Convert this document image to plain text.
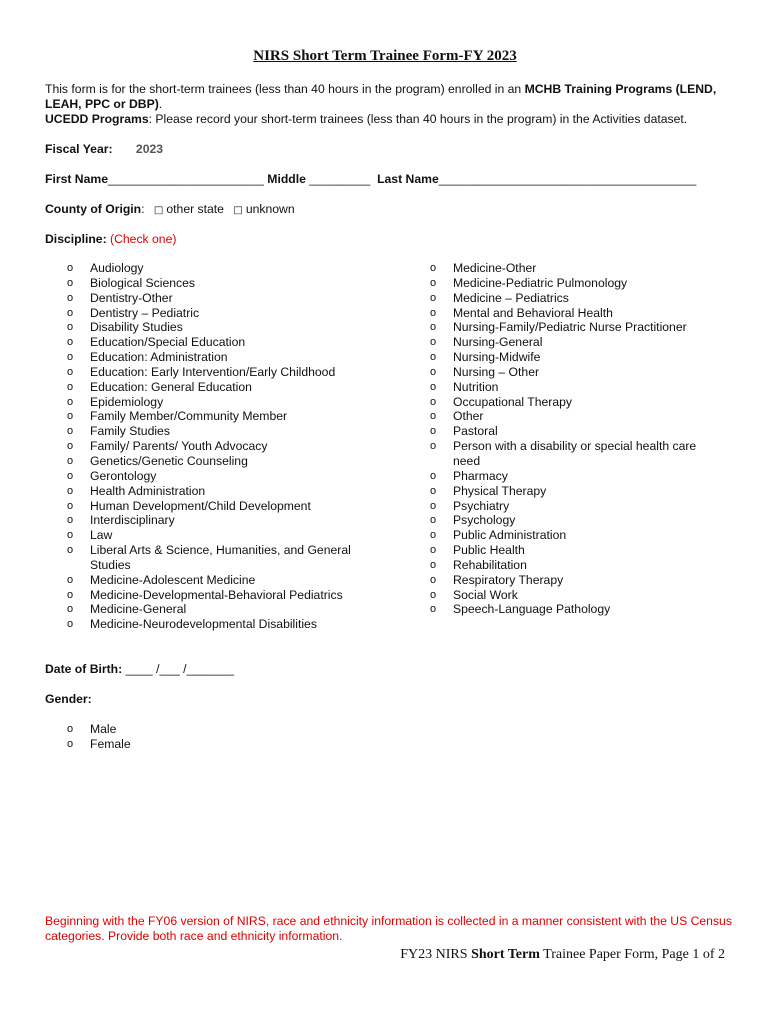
NIRS Short Term Trainee Form-FY 2023
This form is for the short-term trainees (less than 40 hours in the program) enrolled in an MCHB Training Programs (LEND, LEAH, PPC or DBP).
UCEDD Programs: Please record your short-term trainees (less than 40 hours in the program) in the Activities dataset.
Fiscal Year: 2023
First Name_______________________ Middle _________ Last Name______________________________________
County of Origin: □ other state □ unknown
Discipline: (Check one)
o Audiology
o Biological Sciences
o Dentistry-Other
o Dentistry – Pediatric
o Disability Studies
o Education/Special Education
o Education: Administration
o Education: Early Intervention/Early Childhood
o Education: General Education
o Epidemiology
o Family Member/Community Member
o Family Studies
o Family/ Parents/ Youth Advocacy
o Genetics/Genetic Counseling
o Gerontology
o Health Administration
o Human Development/Child Development
o Interdisciplinary
o Law
o Liberal Arts & Science, Humanities, and General Studies
o Medicine-Adolescent Medicine
o Medicine-Developmental-Behavioral Pediatrics
o Medicine-General
o Medicine-Neurodevelopmental Disabilities
o Medicine-Other
o Medicine-Pediatric Pulmonology
o Medicine – Pediatrics
o Mental and Behavioral Health
o Nursing-Family/Pediatric Nurse Practitioner
o Nursing-General
o Nursing-Midwife
o Nursing – Other
o Nutrition
o Occupational Therapy
o Other
o Pastoral
o Person with a disability or special health care need
o Pharmacy
o Physical Therapy
o Psychiatry
o Psychology
o Public Administration
o Public Health
o Rehabilitation
o Respiratory Therapy
o Social Work
o Speech-Language Pathology
Date of Birth: ____ /___ /_______
Gender:
o Male
o Female
Beginning with the FY06 version of NIRS, race and ethnicity information is collected in a manner consistent with the US Census categories. Provide both race and ethnicity information.
FY23 NIRS Short Term Trainee Paper Form, Page 1 of 2
